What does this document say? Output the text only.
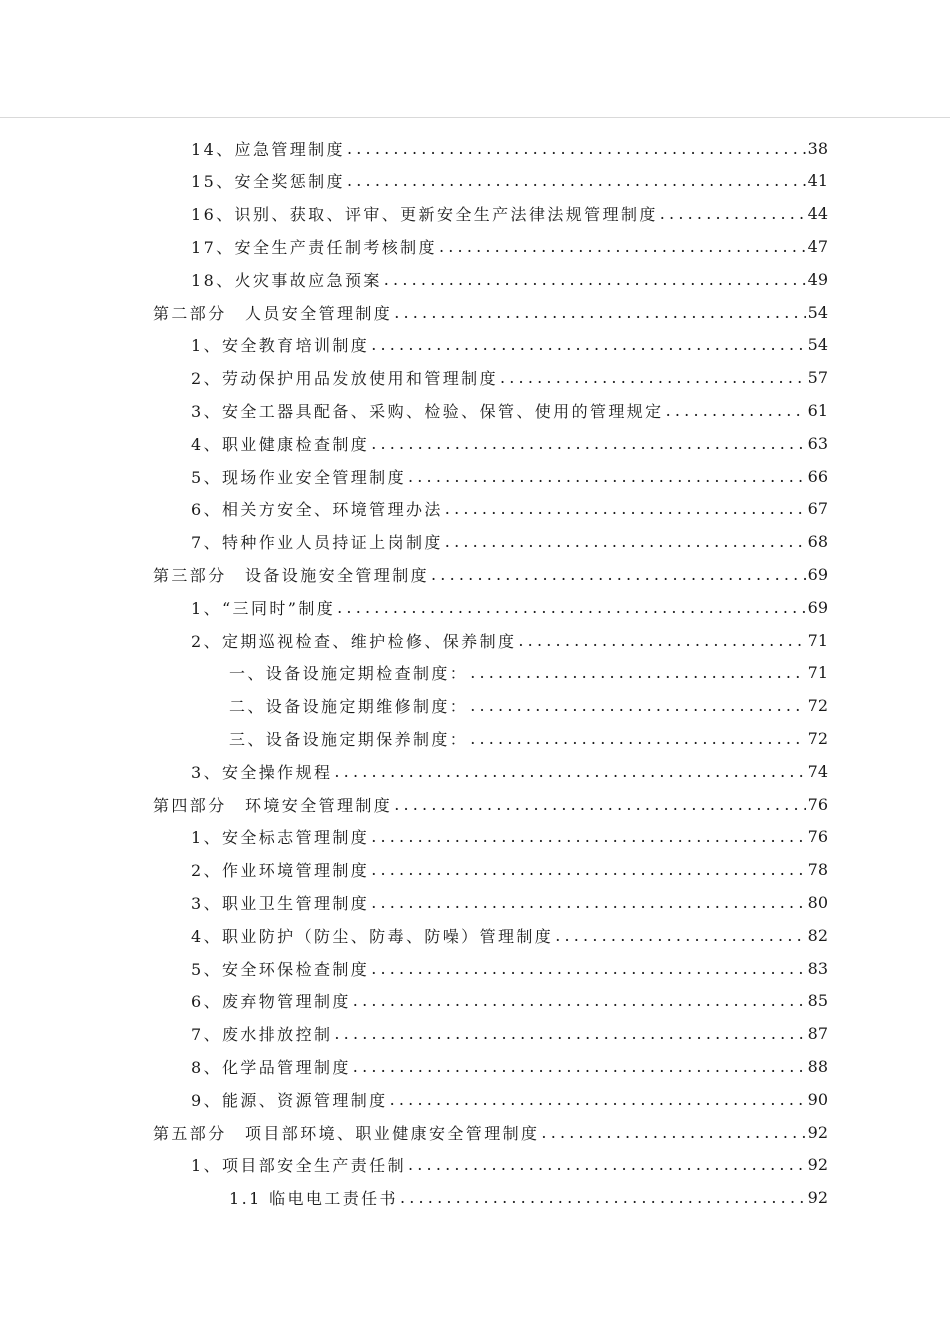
14、应急管理制度 .....	38
15、安全奖惩制度 .....	41
16、识别、获取、评审、更新安全生产法律法规管理制度 .....	44
17、安全生产责任制考核制度 .....	47
18、火灾事故应急预案 .....	49
第二部分　人员安全管理制度 .....	54
1、安全教育培训制度 .....	54
2、劳动保护用品发放使用和管理制度 .....	57
3、安全工器具配备、采购、检验、保管、使用的管理规定 .....	61
4、职业健康检查制度 .....	63
5、现场作业安全管理制度 .....	66
6、相关方安全、环境管理办法 .....	67
7、特种作业人员持证上岗制度 .....	68
第三部分　设备设施安全管理制度 .....	69
1、“三同时”制度 .....	69
2、定期巡视检查、维护检修、保养制度 .....	71
一、设备设施定期检查制度： .....	71
二、设备设施定期维修制度： .....	72
三、设备设施定期保养制度： .....	72
3、安全操作规程 .....	74
第四部分　环境安全管理制度 .....	76
1、安全标志管理制度 .....	76
2、作业环境管理制度 .....	78
3、职业卫生管理制度 .....	80
4、职业防护（防尘、防毒、防噪）管理制度 .....	82
5、安全环保检查制度 .....	83
6、废弃物管理制度 .....	85
7、废水排放控制 .....	87
8、化学品管理制度 .....	88
9、能源、资源管理制度 .....	90
第五部分　项目部环境、职业健康安全管理制度 .....	92
1、项目部安全生产责任制 .....	92
1.1 临电电工责任书 .....	92
